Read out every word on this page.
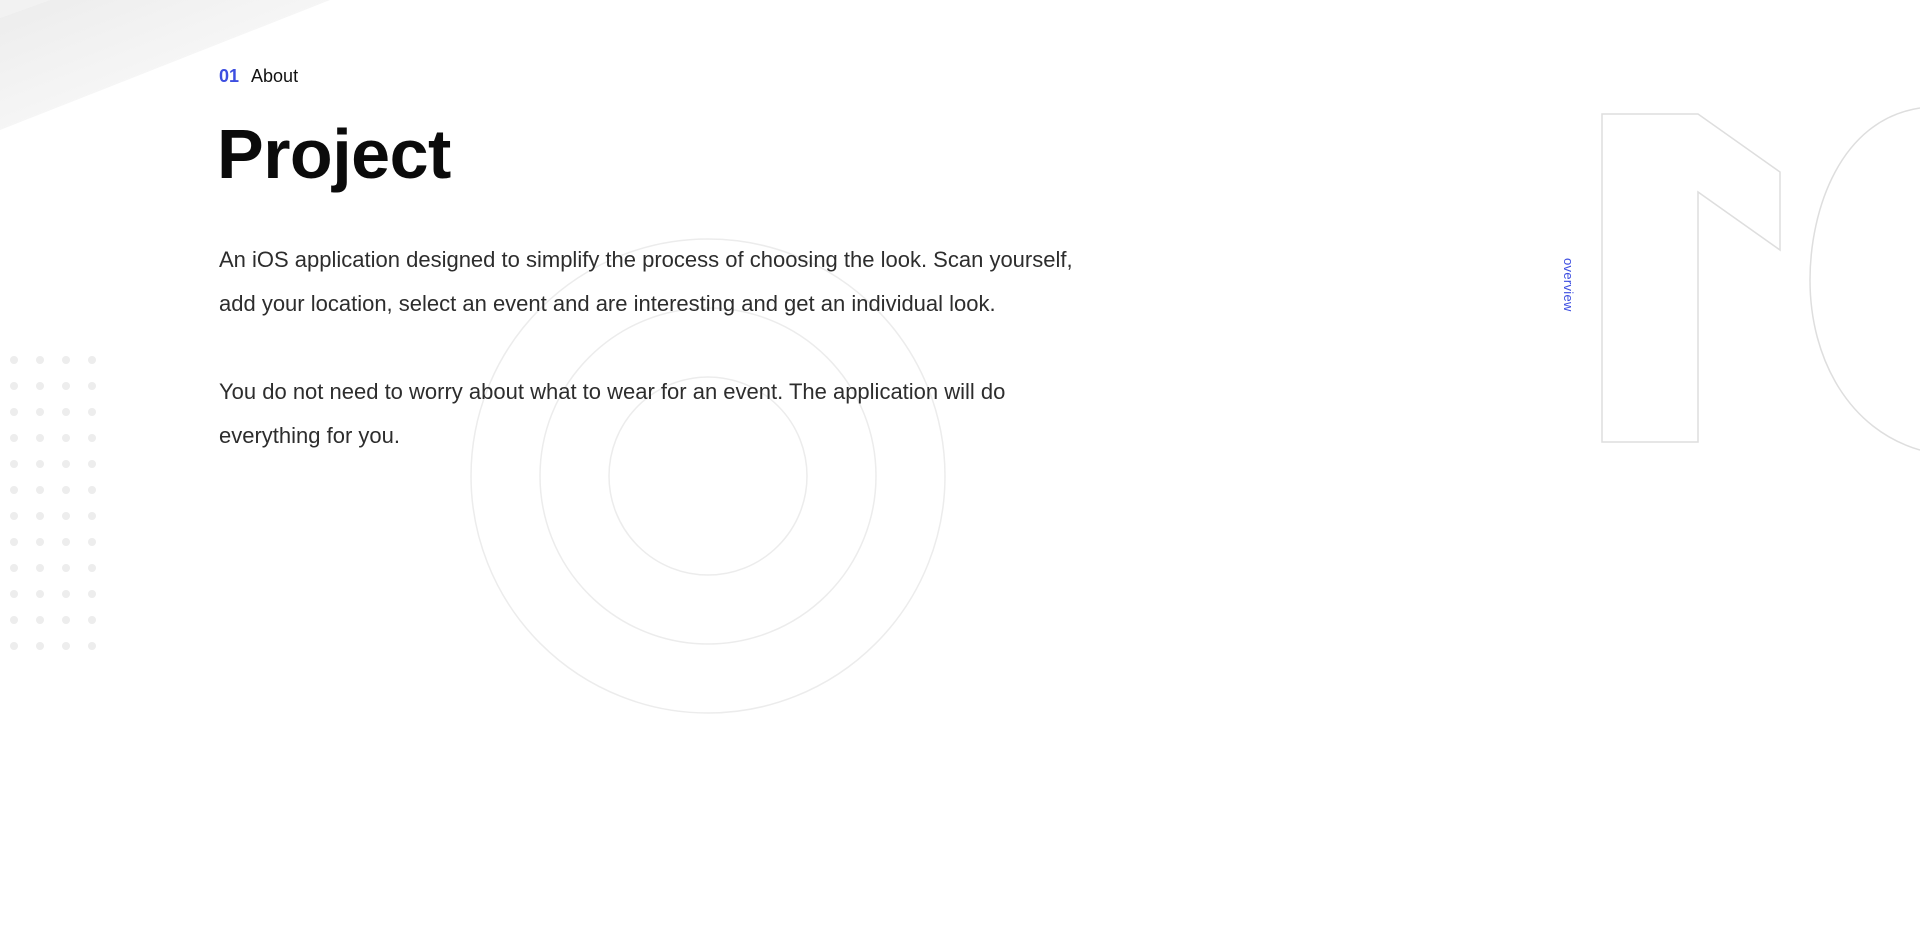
01 About
Project

An iOS application designed to simplify the process of choosing the look. Scan yourself, add your location, select an event and are interesting and get an individual look.

You do not need to worry about what to wear for an event. The application will do everything for you.

overview
